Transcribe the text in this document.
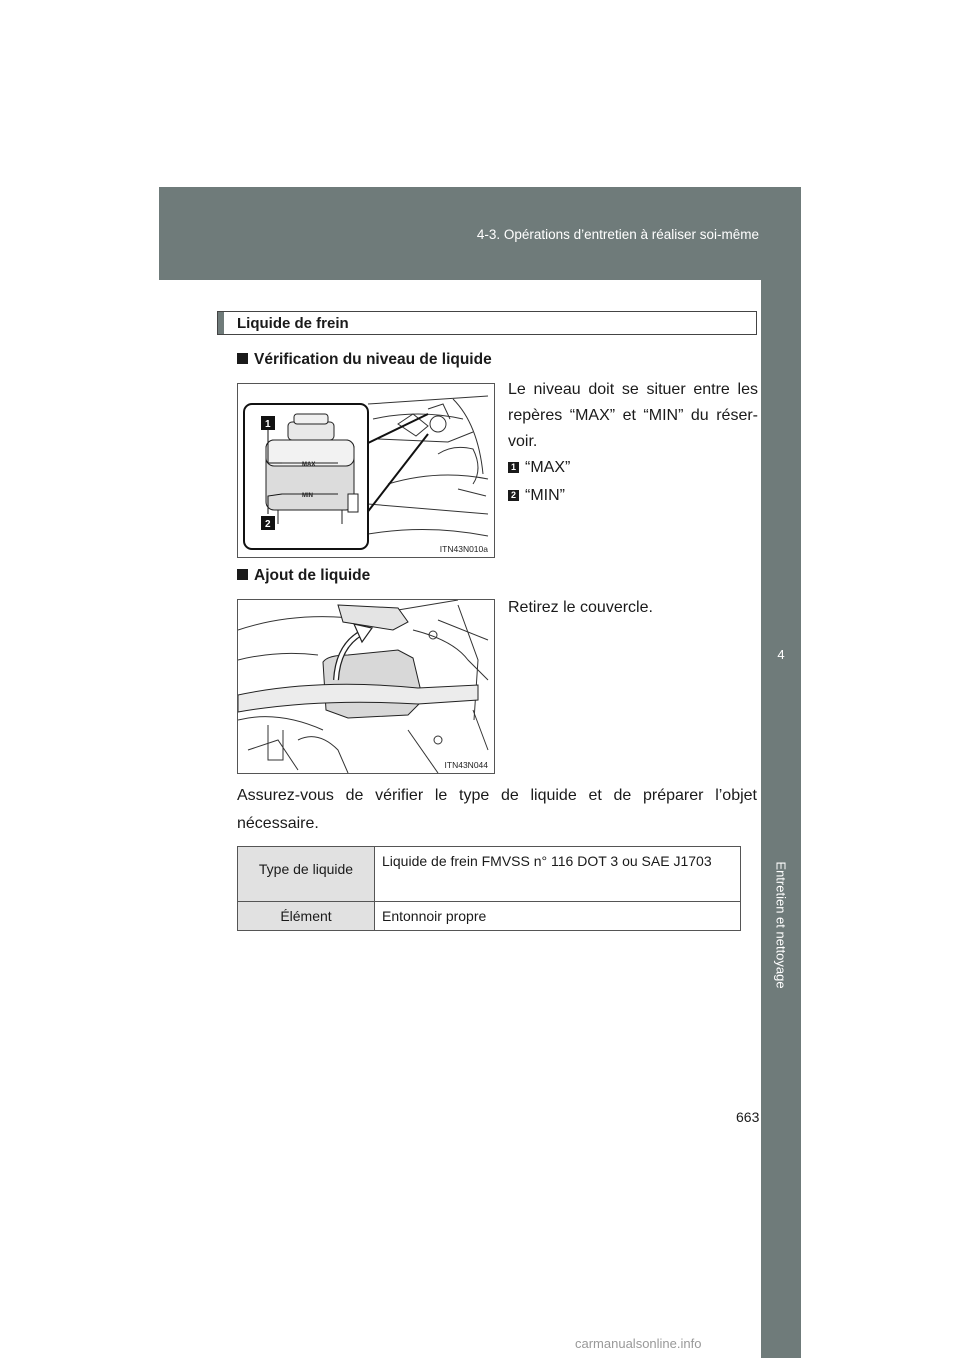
4-3. Opérations d’entretien à réaliser soi-même
4
Entretien et nettoyage
Liquide de frein
Vérification du niveau de liquide
MAX
MIN
1
2
ITN43N010a
Le niveau doit se situer entre les repères “MAX” et “MIN” du réser-voir.
1 “MAX”
2 “MIN”
Ajout de liquide
ITN43N044
Retirez le couvercle.
Assurez-vous de vérifier le type de liquide et de préparer l’objet nécessaire.
Type de liquide	Liquide de frein FMVSS n° 116 DOT 3 ou SAE J1703
Élément	Entonnoir propre
663
carmanualsonline.info
